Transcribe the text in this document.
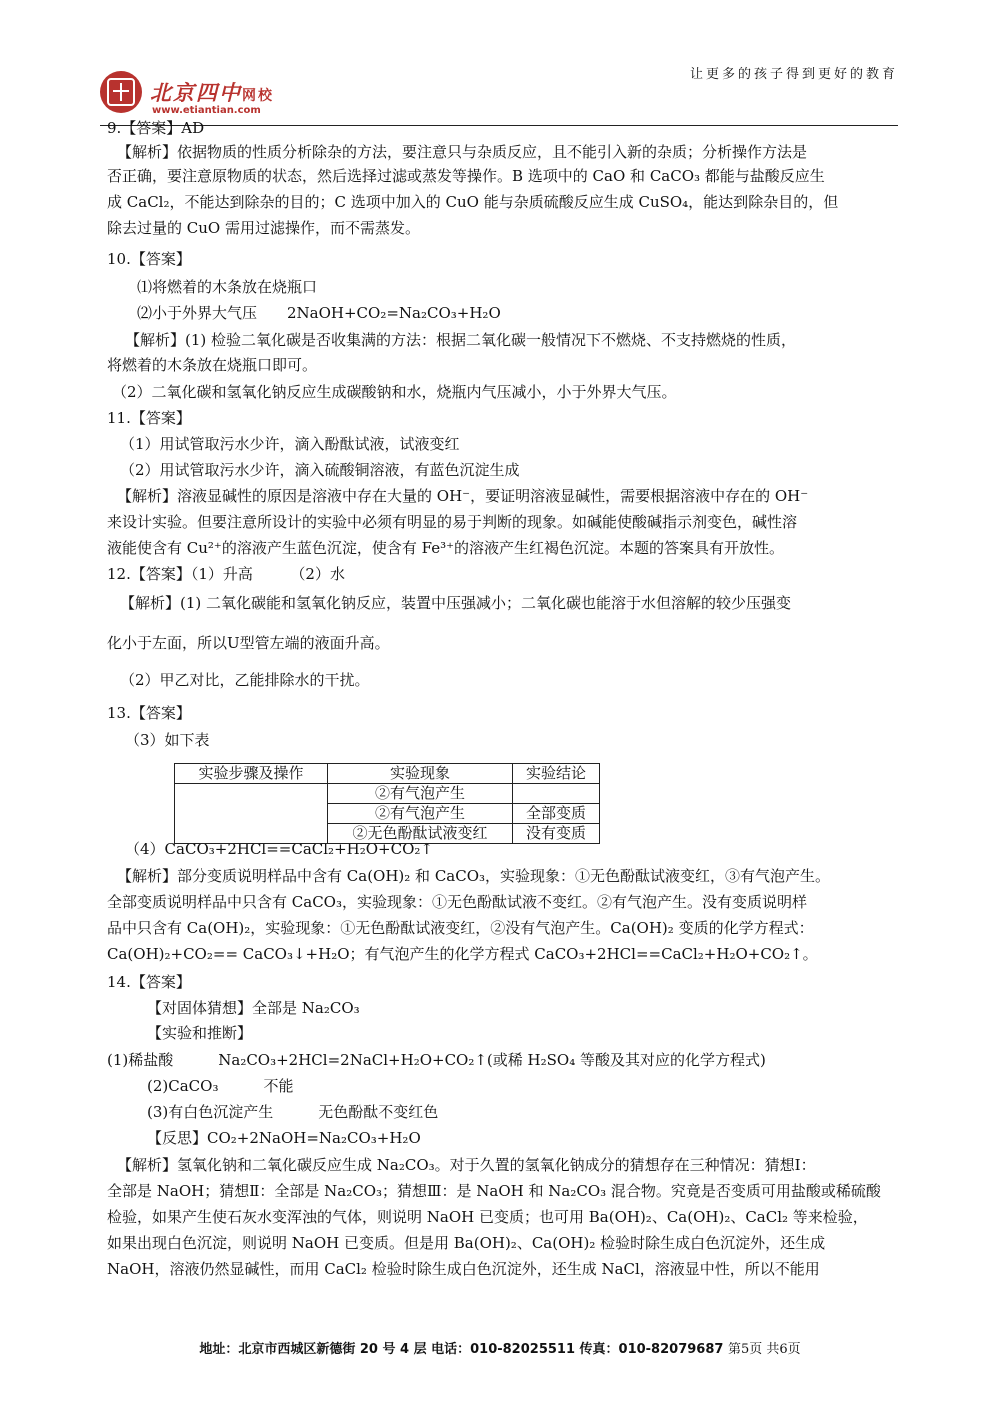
北京四中网校
www.etiantian.com
让更多的孩子得到更好的教育
9.【答案】AD
【解析】依据物质的性质分析除杂的方法，要注意只与杂质反应，且不能引入新的杂质；分析操作方法是
否正确，要注意原物质的状态，然后选择过滤或蒸发等操作。B 选项中的 CaO 和 CaCO₃ 都能与盐酸反应生
成 CaCl₂，不能达到除杂的目的；C 选项中加入的 CuO 能与杂质硫酸反应生成 CuSO₄，能达到除杂目的，但
除去过量的 CuO 需用过滤操作，而不需蒸发。
10.【答案】
⑴将燃着的木条放在烧瓶口
⑵小于外界大气压　　2NaOH+CO₂=Na₂CO₃+H₂O
【解析】(1) 检验二氧化碳是否收集满的方法：根据二氧化碳一般情况下不燃烧、不支持燃烧的性质，
将燃着的木条放在烧瓶口即可。
（2）二氧化碳和氢氧化钠反应生成碳酸钠和水，烧瓶内气压减小，小于外界大气压。
11.【答案】
（1）用试管取污水少许，滴入酚酞试液，试液变红
（2）用试管取污水少许，滴入硫酸铜溶液，有蓝色沉淀生成
【解析】溶液显碱性的原因是溶液中存在大量的 OH⁻，要证明溶液显碱性，需要根据溶液中存在的 OH⁻
来设计实验。但要注意所设计的实验中必须有明显的易于判断的现象。如碱能使酸碱指示剂变色，碱性溶
液能使含有 Cu²⁺的溶液产生蓝色沉淀，使含有 Fe³⁺的溶液产生红褐色沉淀。本题的答案具有开放性。
12.【答案】（1）升高　　　（2）水
【解析】(1) 二氧化碳能和氢氧化钠反应，装置中压强减小；二氧化碳也能溶于水但溶解的较少压强变
化小于左面，所以U型管左端的液面升高。
（2）甲乙对比，乙能排除水的干扰。
13.【答案】
（3）如下表
（4）CaCO₃+2HCl==CaCl₂+H₂O+CO₂↑
【解析】部分变质说明样品中含有 Ca(OH)₂ 和 CaCO₃，实验现象：①无色酚酞试液变红，③有气泡产生。
全部变质说明样品中只含有 CaCO₃，实验现象：①无色酚酞试液不变红。②有气泡产生。没有变质说明样
品中只含有 Ca(OH)₂，实验现象：①无色酚酞试液变红，②没有气泡产生。Ca(OH)₂ 变质的化学方程式：
Ca(OH)₂+CO₂== CaCO₃↓+H₂O；有气泡产生的化学方程式 CaCO₃+2HCl==CaCl₂+H₂O+CO₂↑。
14.【答案】
【对固体猜想】全部是 Na₂CO₃
【实验和推断】
(1)稀盐酸　　　Na₂CO₃+2HCl=2NaCl+H₂O+CO₂↑(或稀 H₂SO₄ 等酸及其对应的化学方程式)
(2)CaCO₃　　　不能
(3)有白色沉淀产生　　　无色酚酞不变红色
【反思】CO₂+2NaOH=Na₂CO₃+H₂O
【解析】氢氧化钠和二氧化碳反应生成 Na₂CO₃。对于久置的氢氧化钠成分的猜想存在三种情况：猜想Ⅰ：
全部是 NaOH；猜想Ⅱ：全部是 Na₂CO₃；猜想Ⅲ：是 NaOH 和 Na₂CO₃ 混合物。究竟是否变质可用盐酸或稀硫酸
检验，如果产生使石灰水变浑浊的气体，则说明 NaOH 已变质；也可用 Ba(OH)₂、Ca(OH)₂、CaCl₂ 等来检验，
如果出现白色沉淀，则说明 NaOH 已变质。但是用 Ba(OH)₂、Ca(OH)₂ 检验时除生成白色沉淀外，还生成
NaOH，溶液仍然显碱性，而用 CaCl₂ 检验时除生成白色沉淀外，还生成 NaCl，溶液显中性，所以不能用
实验步骤及操作	实验现象	实验结论
	②有气泡产生	
	②有气泡产生	全部变质
	②无色酚酞试液变红	没有变质
地址：北京市西城区新德街 20 号 4 层 电话：010-82025511 传真：010-82079687 第5页 共6页
